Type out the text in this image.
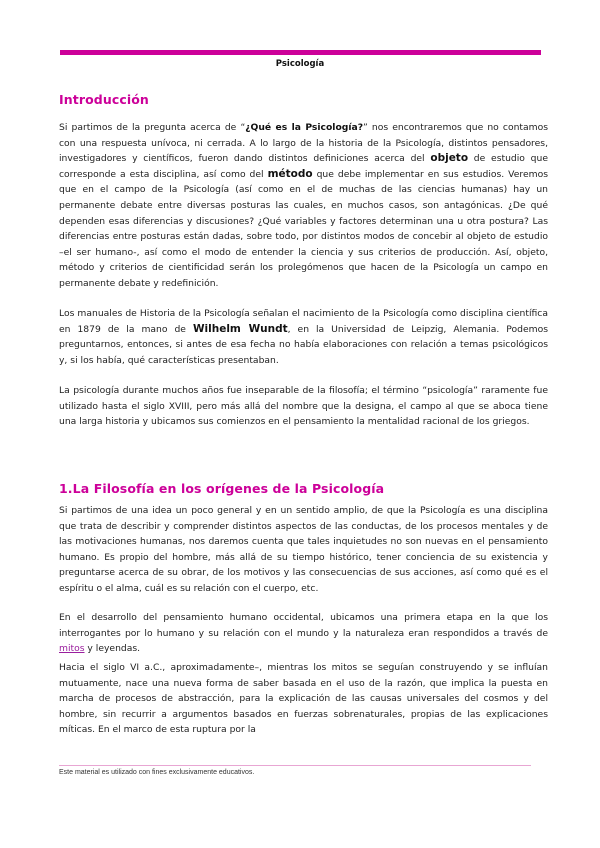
Psicología
Introducción

Si partimos de la pregunta acerca de “¿Qué es la Psicología?” nos encontraremos que no contamos con una respuesta unívoca, ni cerrada. A lo largo de la historia de la Psicología, distintos pensadores, investigadores y científicos, fueron dando distintos definiciones acerca del objeto de estudio que corresponde a esta disciplina, así como del método que debe implementar en sus estudios. Veremos que en el campo de la Psicología (así como en el de muchas de las ciencias humanas) hay un permanente debate entre diversas posturas las cuales, en muchos casos, son antagónicas. ¿De qué dependen esas diferencias y discusiones? ¿Qué variables y factores determinan una u otra postura? Las diferencias entre posturas están dadas, sobre todo, por distintos modos de concebir al objeto de estudio –el ser humano-, así como el modo de entender la ciencia y sus criterios de producción. Así, objeto, método y criterios de cientificidad serán los prolegómenos que hacen de la Psicología un campo en permanente debate y redefinición.

Los manuales de Historia de la Psicología señalan el nacimiento de la Psicología como disciplina científica en 1879 de la mano de Wilhelm Wundt, en la Universidad de Leipzig, Alemania. Podemos preguntarnos, entonces, si antes de esa fecha no había elaboraciones con relación a temas psicológicos y, si los había, qué características presentaban.

La psicología durante muchos años fue inseparable de la filosofía; el término “psicología” raramente fue utilizado hasta el siglo XVIII, pero más allá del nombre que la designa, el campo al que se aboca tiene una larga historia y ubicamos sus comienzos en el pensamiento la mentalidad racional de los griegos.

1.La Filosofía en los orígenes de la Psicología

Si partimos de una idea un poco general y en un sentido amplio, de que la Psicología es una disciplina que trata de describir y comprender distintos aspectos de las conductas, de los procesos mentales y de las motivaciones humanas, nos daremos cuenta que tales inquietudes no son nuevas en el pensamiento humano. Es propio del hombre, más allá de su tiempo histórico, tener conciencia de su existencia y preguntarse acerca de su obrar, de los motivos y las consecuencias de sus acciones, así como qué es el espíritu o el alma, cuál es su relación con el cuerpo, etc.

En el desarrollo del pensamiento humano occidental, ubicamos una primera etapa en la que los interrogantes por lo humano y su relación con el mundo y la naturaleza eran respondidos a través de mitos y leyendas.

Hacia el siglo VI a.C., aproximadamente–, mientras los mitos se seguían construyendo y se influían mutuamente, nace una nueva forma de saber basada en el uso de la razón, que implica la puesta en marcha de procesos de abstracción, para la explicación de las causas universales del cosmos y del hombre, sin recurrir a argumentos basados en fuerzas sobrenaturales, propias de las explicaciones míticas. En el marco de esta ruptura por la

Este material es utilizado con fines exclusivamente educativos.
